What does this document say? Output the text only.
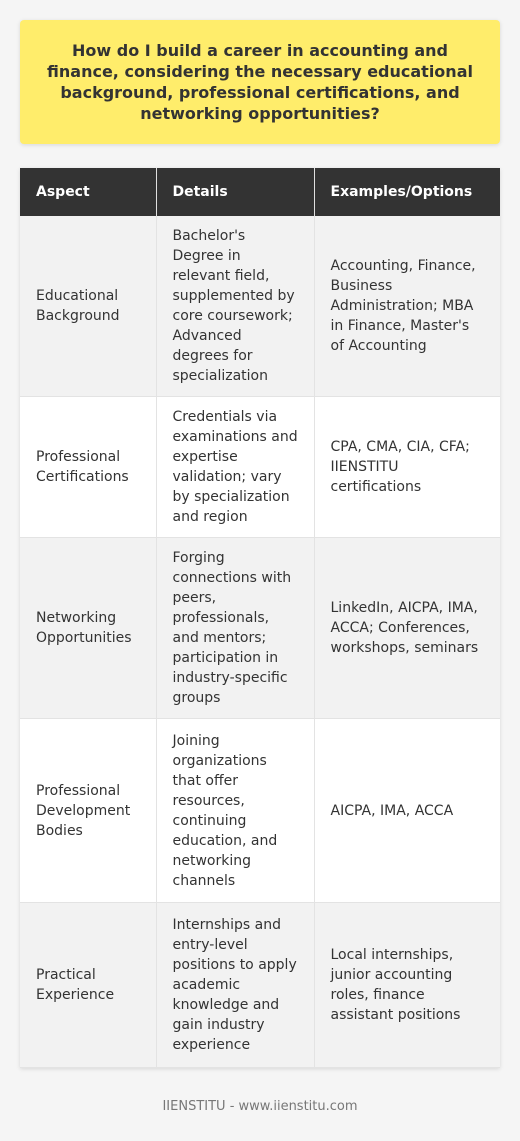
How do I build a career in accounting and finance, considering the necessary educational background, professional certifications, and networking opportunities?
Aspect	Details	Examples/Options
Educational Background	Bachelor's Degree in relevant field, supplemented by core coursework; Advanced degrees for specialization	Accounting, Finance, Business Administration; MBA in Finance, Master's of Accounting
Professional Certifications	Credentials via examinations and expertise validation; vary by specialization and region	CPA, CMA, CIA, CFA; IIENSTITU certifications
Networking Opportunities	Forging connections with peers, professionals, and mentors; participation in industry-specific groups	LinkedIn, AICPA, IMA, ACCA; Conferences, workshops, seminars
Professional Development Bodies	Joining organizations that offer resources, continuing education, and networking channels	AICPA, IMA, ACCA
Practical Experience	Internships and entry-level positions to apply academic knowledge and gain industry experience	Local internships, junior accounting roles, finance assistant positions
IIENSTITU - www.iienstitu.com
